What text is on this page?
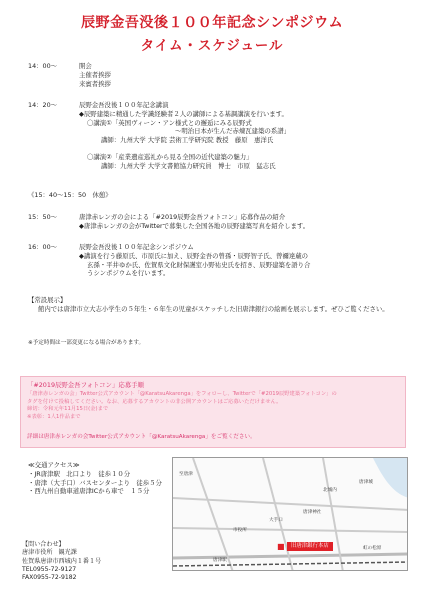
辰野金吾没後１００年記念シンポジウム
タイム・スケジュール
14：00～	開会
主催者挨拶
来賓者挨拶
14：20～	辰野金吾没後１００年記念講演
◆辰野建築に精通した学識経験者２人の講師による基調講演を行います。
〇講演①「英国ヴィーン・アン様式との邂逅にみる辰野式
～明治日本が生んだ赤煉瓦建築の系譜」
講師：九州大学 大学院 芸術工学研究院 教授　藤原　惠洋氏
〇講演②「産業遺産巡礼から見る全国の近代建築の魅力」
講師：九州大学 大学文書館協力研究員　博士　市原　猛志氏
《15：40～15：50　休憩》
15：50～	唐津赤レンガの会による「#2019辰野金吾フォトコン」応募作品の紹介
◆唐津赤レンガの会がTwitterで募集した全国各地の辰野建築写真を紹介します。
16：00～	辰野金吾没後１００年記念シンポジウム
◆講演を行う藤原氏、市原氏に加え、辰野金吾の曾孫・辰野智子氏、曾禰達蔵の
玄孫・平井ゆか氏、佐賀県文化財保護室小野祐史氏を招き、辰野建築を語り合
うシンポジウムを行います。
【常設展示】
館内では唐津市立大志小学生の５年生・６年生の児童がスケッチした旧唐津銀行の絵画を展示します。ぜひご覧ください。
※予定時間は一部変更になる場合があります。
「#2019辰野金吾フォトコン」応募手順
「唐津赤レンガの会」Twitter公式アカウント「@KaratsuAkarenga」をフォローし、Twitterで「#2019辰野建築フォトコン」の
タグを付けて投稿してください。なお、応募するアカウントの非公開アカウントはご応募いただけません。
締切：令和元年11月15日(金)まで
※表彰：1人1作品まで
詳細は唐津赤レンガの会Twitter公式アカウント「@KaratsuAkarenga」をご覧ください。
≪交通アクセス≫
・JR唐津駅　北口より　徒歩１０分
・唐津（大手口）バスセンターより　徒歩５分
・西九州自動車道唐津ICから車で　１５分
唐津城
至唐津
虹の松原
唐津駅
大手口
唐津神社
北城内
市役所
■	旧唐津銀行本店
【問い合わせ】
唐津市役所　観光課
佐賀県唐津市西城内１番１号
TEL0955-72-9127
FAX0955-72-9182
